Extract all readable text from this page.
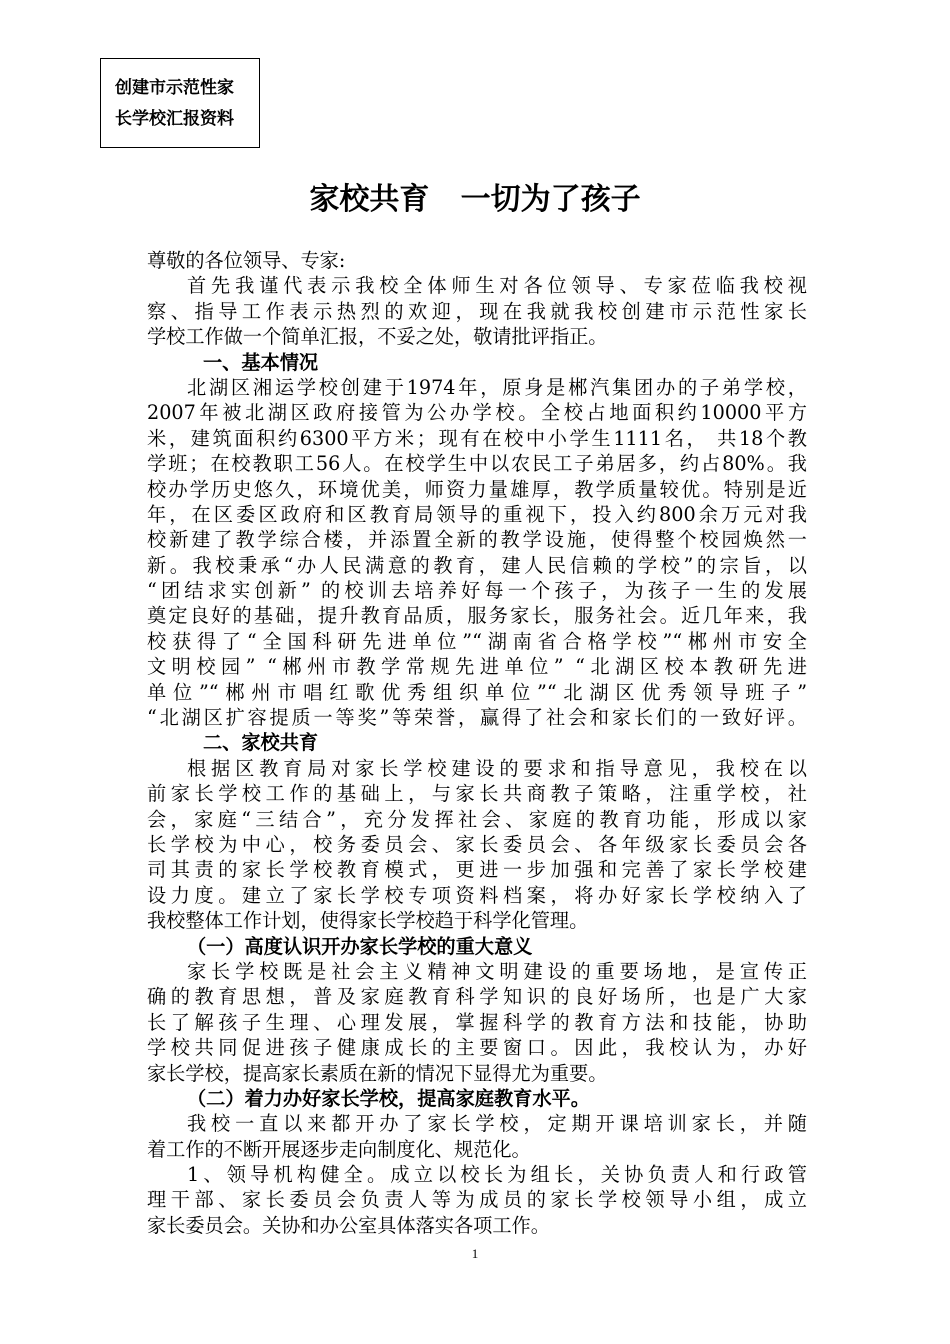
创建市示范性家
长学校汇报资料
家校共育   一切为了孩子
尊敬的各位领导、专家:
首先我谨代表示我校全体师生对各位领导、专家莅临我校视
察、指导工作表示热烈的欢迎，现在我就我校创建市示范性家长
学校工作做一个简单汇报，不妥之处，敬请批评指正。
一、基本情况
北湖区湘运学校创建于1974年，原身是郴汽集团办的子弟学校，
2007年被北湖区政府接管为公办学校。全校占地面积约10000平方
米，建筑面积约6300平方米；现有在校中小学生1111名， 共18个教
学班；在校教职工56人。在校学生中以农民工子弟居多，约占80%。我
校办学历史悠久，环境优美，师资力量雄厚，教学质量较优。特别是近
年，在区委区政府和区教育局领导的重视下，投入约800余万元对我
校新建了教学综合楼，并添置全新的教学设施，使得整个校园焕然一
新。我校秉承“办人民满意的教育，建人民信赖的学校”的宗旨，以
“团结求实创新” 的校训去培养好每一个孩子，为孩子一生的发展
奠定良好的基础，提升教育品质，服务家长，服务社会。近几年来，我
校获得了“全国科研先进单位”“湖南省合格学校”“郴州市安全
文明校园” “郴州市教学常规先进单位” “北湖区校本教研先进
单位”“郴州市唱红歌优秀组织单位”“北湖区优秀领导班子”
“北湖区扩容提质一等奖”等荣誉，赢得了社会和家长们的一致好评。
二、家校共育
根据区教育局对家长学校建设的要求和指导意见，我校在以
前家长学校工作的基础上，与家长共商教子策略，注重学校，社
会，家庭“三结合”，充分发挥社会、家庭的教育功能，形成以家
长学校为中心，校务委员会、家长委员会、各年级家长委员会各
司其责的家长学校教育模式，更进一步加强和完善了家长学校建
设力度。建立了家长学校专项资料档案，将办好家长学校纳入了
我校整体工作计划，使得家长学校趋于科学化管理。
（一）高度认识开办家长学校的重大意义
家长学校既是社会主义精神文明建设的重要场地，是宣传正
确的教育思想，普及家庭教育科学知识的良好场所，也是广大家
长了解孩子生理、心理发展，掌握科学的教育方法和技能，协助
学校共同促进孩子健康成长的主要窗口。因此，我校认为，办好
家长学校，提高家长素质在新的情况下显得尤为重要。
（二）着力办好家长学校，提高家庭教育水平。
我校一直以来都开办了家长学校，定期开课培训家长，并随
着工作的不断开展逐步走向制度化、规范化。
1、领导机构健全。成立以校长为组长，关协负责人和行政管
理干部、家长委员会负责人等为成员的家长学校领导小组，成立
家长委员会。关协和办公室具体落实各项工作。
1
